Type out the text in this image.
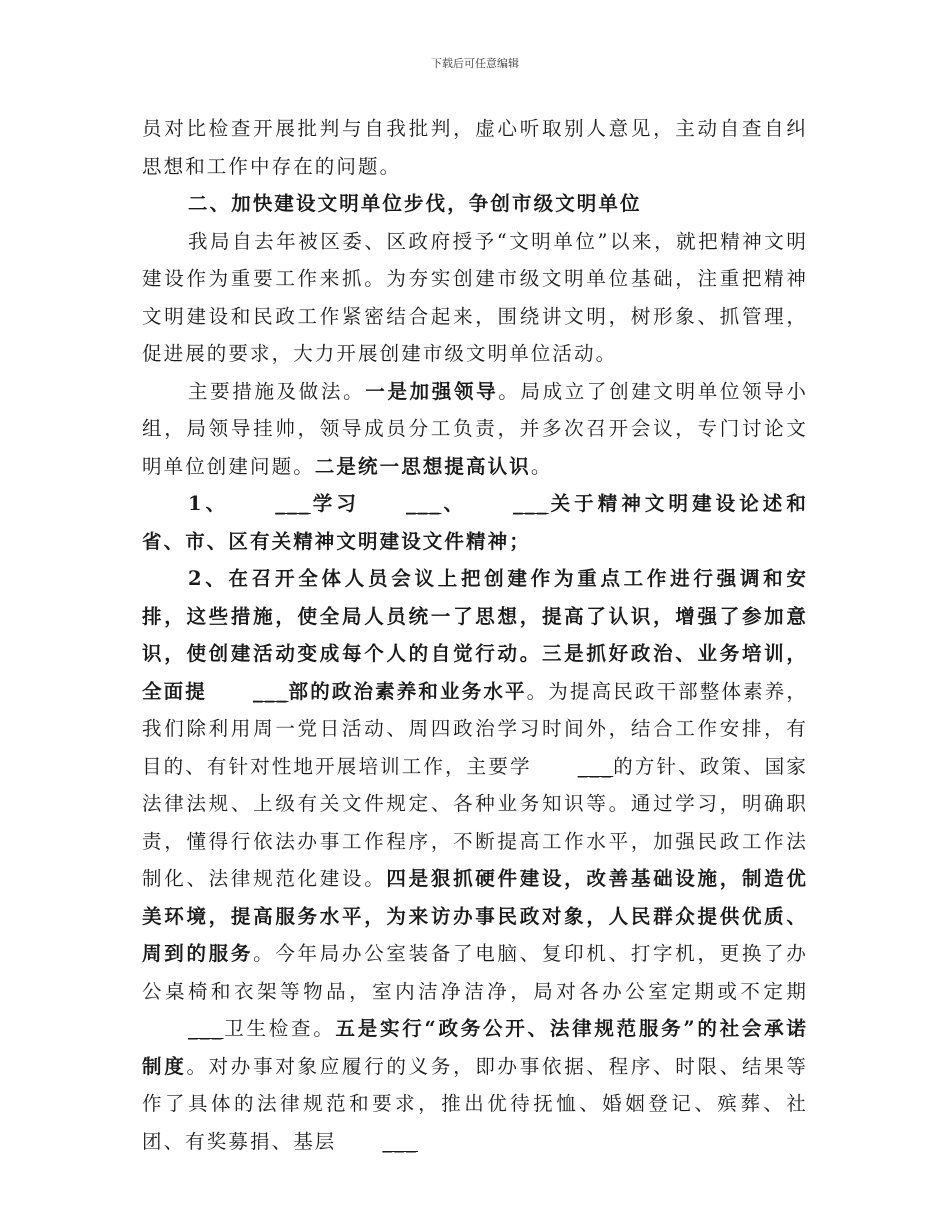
下载后可任意编辑

员对比检查开展批判与自我批判，虚心听取别人意见，主动自查自纠思想和工作中存在的问题。

二、加快建设文明单位步伐，争创市级文明单位

我局自去年被区委、区政府授予“文明单位”以来，就把精神文明建设作为重要工作来抓。为夯实创建市级文明单位基础，注重把精神文明建设和民政工作紧密结合起来，围绕讲文明，树形象、抓管理，促进展的要求，大力开展创建市级文明单位活动。

主要措施及做法。一是加强领导。局成立了创建文明单位领导小组，局领导挂帅，领导成员分工负责，并多次召开会议，专门讨论文明单位创建问题。二是统一思想提高认识。

1、 ___学习 ___、 ___关于精神文明建设论述和省、市、区有关精神文明建设文件精神；

2、在召开全体人员会议上把创建作为重点工作进行强调和安排，这些措施，使全局人员统一了思想，提高了认识，增强了参加意识，使创建活动变成每个人的自觉行动。三是抓好政治、业务培训，全面提 ___部的政治素养和业务水平。为提高民政干部整体素养，我们除利用周一党日活动、周四政治学习时间外，结合工作安排，有目的、有针对性地开展培训工作，主要学 ___的方针、政策、国家法律法规、上级有关文件规定、各种业务知识等。通过学习，明确职责，懂得行依法办事工作程序，不断提高工作水平，加强民政工作法制化、法律规范化建设。四是狠抓硬件建设，改善基础设施，制造优美环境，提高服务水平，为来访办事民政对象，人民群众提供优质、周到的服务。今年局办公室装备了电脑、复印机、打字机，更换了办公桌椅和衣架等物品，室内洁净洁净，局对各办公室定期或不定期___卫生检查。五是实行“政务公开、法律规范服务”的社会承诺制度。对办事对象应履行的义务，即办事依据、程序、时限、结果等作了具体的法律规范和要求，推出优待抚恤、婚姻登记、殡葬、社团、有奖募捐、基层 ___
